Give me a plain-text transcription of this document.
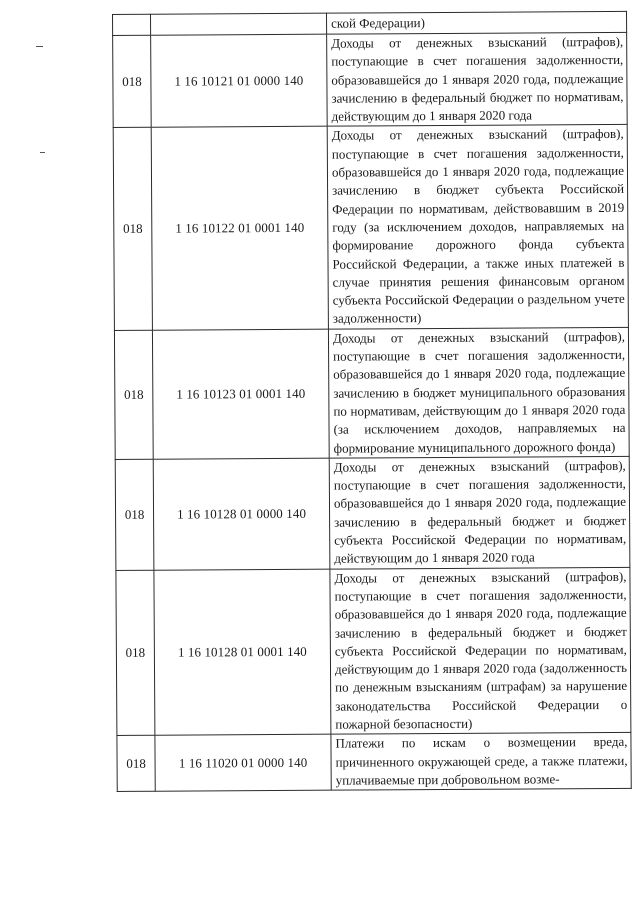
		ской Федерации)
018	1 16 10121 01 0000 140	Доходы от денежных взысканий (штрафов), поступающие в счет погашения задолженности, образовавшейся до 1 января 2020 года, подлежащие зачислению в федеральный бюджет по нормативам, действующим до 1 января 2020 года
018	1 16 10122 01 0001 140	Доходы от денежных взысканий (штрафов), поступающие в счет погашения задолженности, образовавшейся до 1 января 2020 года, подлежащие зачислению в бюджет субъекта Российской Федерации по нормативам, действовавшим в 2019 году (за исключением доходов, направляемых на формирование дорожного фонда субъекта Российской Федерации, а также иных платежей в случае принятия решения финансовым органом субъекта Российской Федерации о раздельном учете задолженности)
018	1 16 10123 01 0001 140	Доходы от денежных взысканий (штрафов), поступающие в счет погашения задолженности, образовавшейся до 1 января 2020 года, подлежащие зачислению в бюджет муниципального образования по нормативам, действующим до 1 января 2020 года (за исключением доходов, направляемых на формирование муниципального дорожного фонда)
018	1 16 10128 01 0000 140	Доходы от денежных взысканий (штрафов), поступающие в счет погашения задолженности, образовавшейся до 1 января 2020 года, подлежащие зачислению в федеральный бюджет и бюджет субъекта Российской Федерации по нормативам, действующим до 1 января 2020 года
018	1 16 10128 01 0001 140	Доходы от денежных взысканий (штрафов), поступающие в счет погашения задолженности, образовавшейся до 1 января 2020 года, подлежащие зачислению в федеральный бюджет и бюджет субъекта Российской Федерации по нормативам, действующим до 1 января 2020 года (задолженность по денежным взысканиям (штрафам) за нарушение законодательства Российской Федерации о пожарной безопасности)
018	1 16 11020 01 0000 140	Платежи по искам о возмещении вреда, причиненного окружающей среде, а также платежи, уплачиваемые при добровольном возме-
